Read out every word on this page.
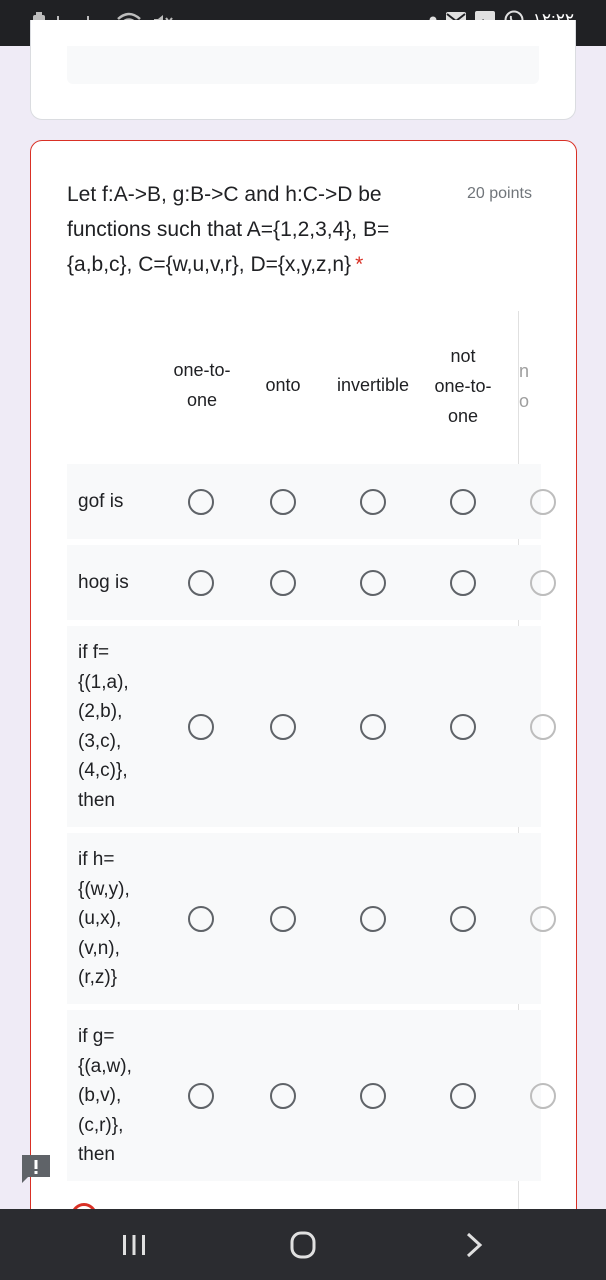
Let f:A->B, g:B->C and h:C->D be functions such that A={1,2,3,4}, B={a,b,c}, C={w,u,v,r}, D={x,y,z,n} *
20 points
one-to-
one
onto	invertible
not
one-to-
one
n
o
gof is
hog is
if f=
{(1,a),
(2,b),
(3,c),
(4,c)},
then
if h=
{(w,y),
(u,x),
(v,n),
(r,z)}
if g=
{(a,w),
(b,v),
(c,r)},
then
